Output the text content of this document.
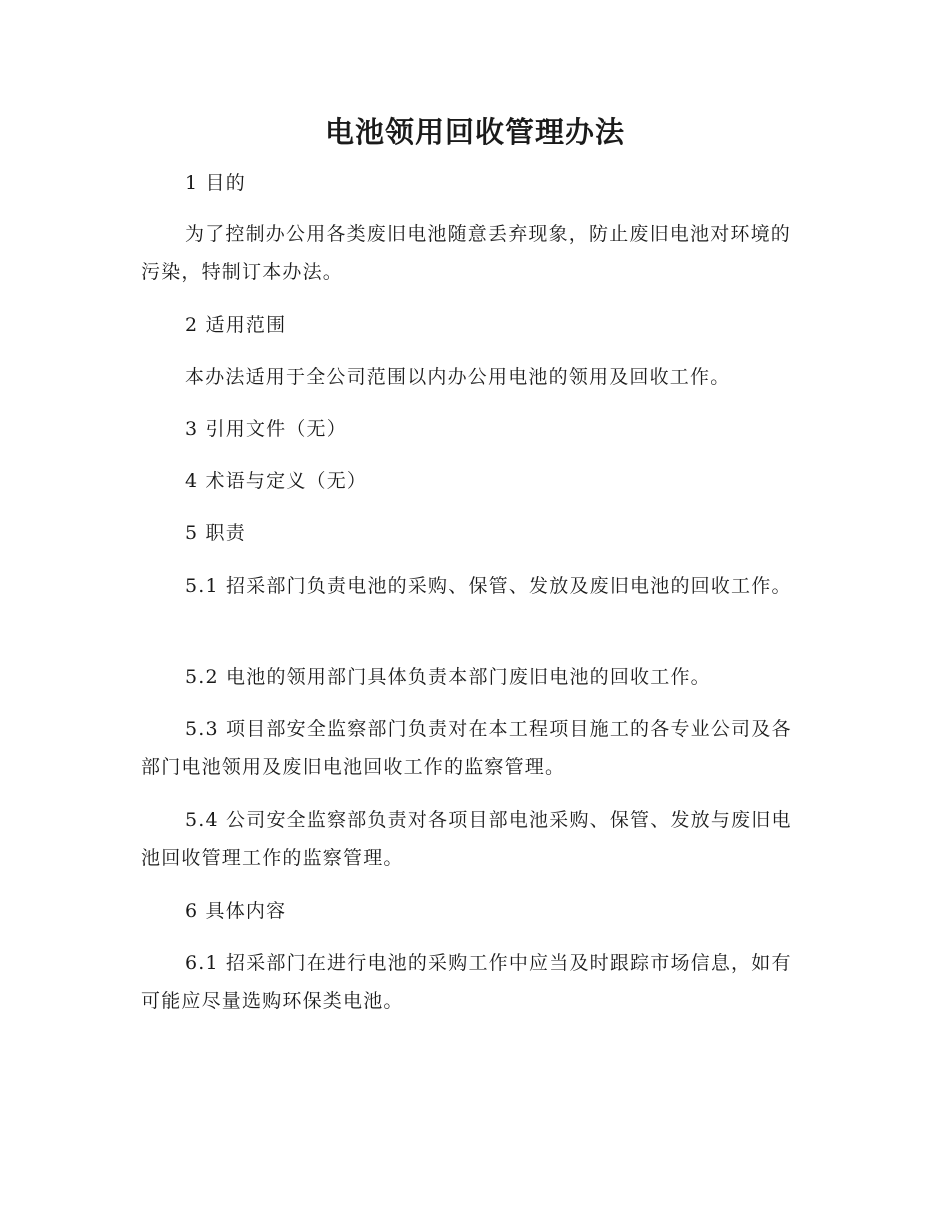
电池领用回收管理办法

1 目的

为了控制办公用各类废旧电池随意丢弃现象，防止废旧电池对环境的污染，特制订本办法。

2 适用范围

本办法适用于全公司范围以内办公用电池的领用及回收工作。

3 引用文件（无）

4 术语与定义（无）

5 职责

5.1 招采部门负责电池的采购、保管、发放及废旧电池的回收工作。

5.2 电池的领用部门具体负责本部门废旧电池的回收工作。

5.3 项目部安全监察部门负责对在本工程项目施工的各专业公司及各部门电池领用及废旧电池回收工作的监察管理。

5.4 公司安全监察部负责对各项目部电池采购、保管、发放与废旧电池回收管理工作的监察管理。

6 具体内容

6.1 招采部门在进行电池的采购工作中应当及时跟踪市场信息，如有可能应尽量选购环保类电池。
